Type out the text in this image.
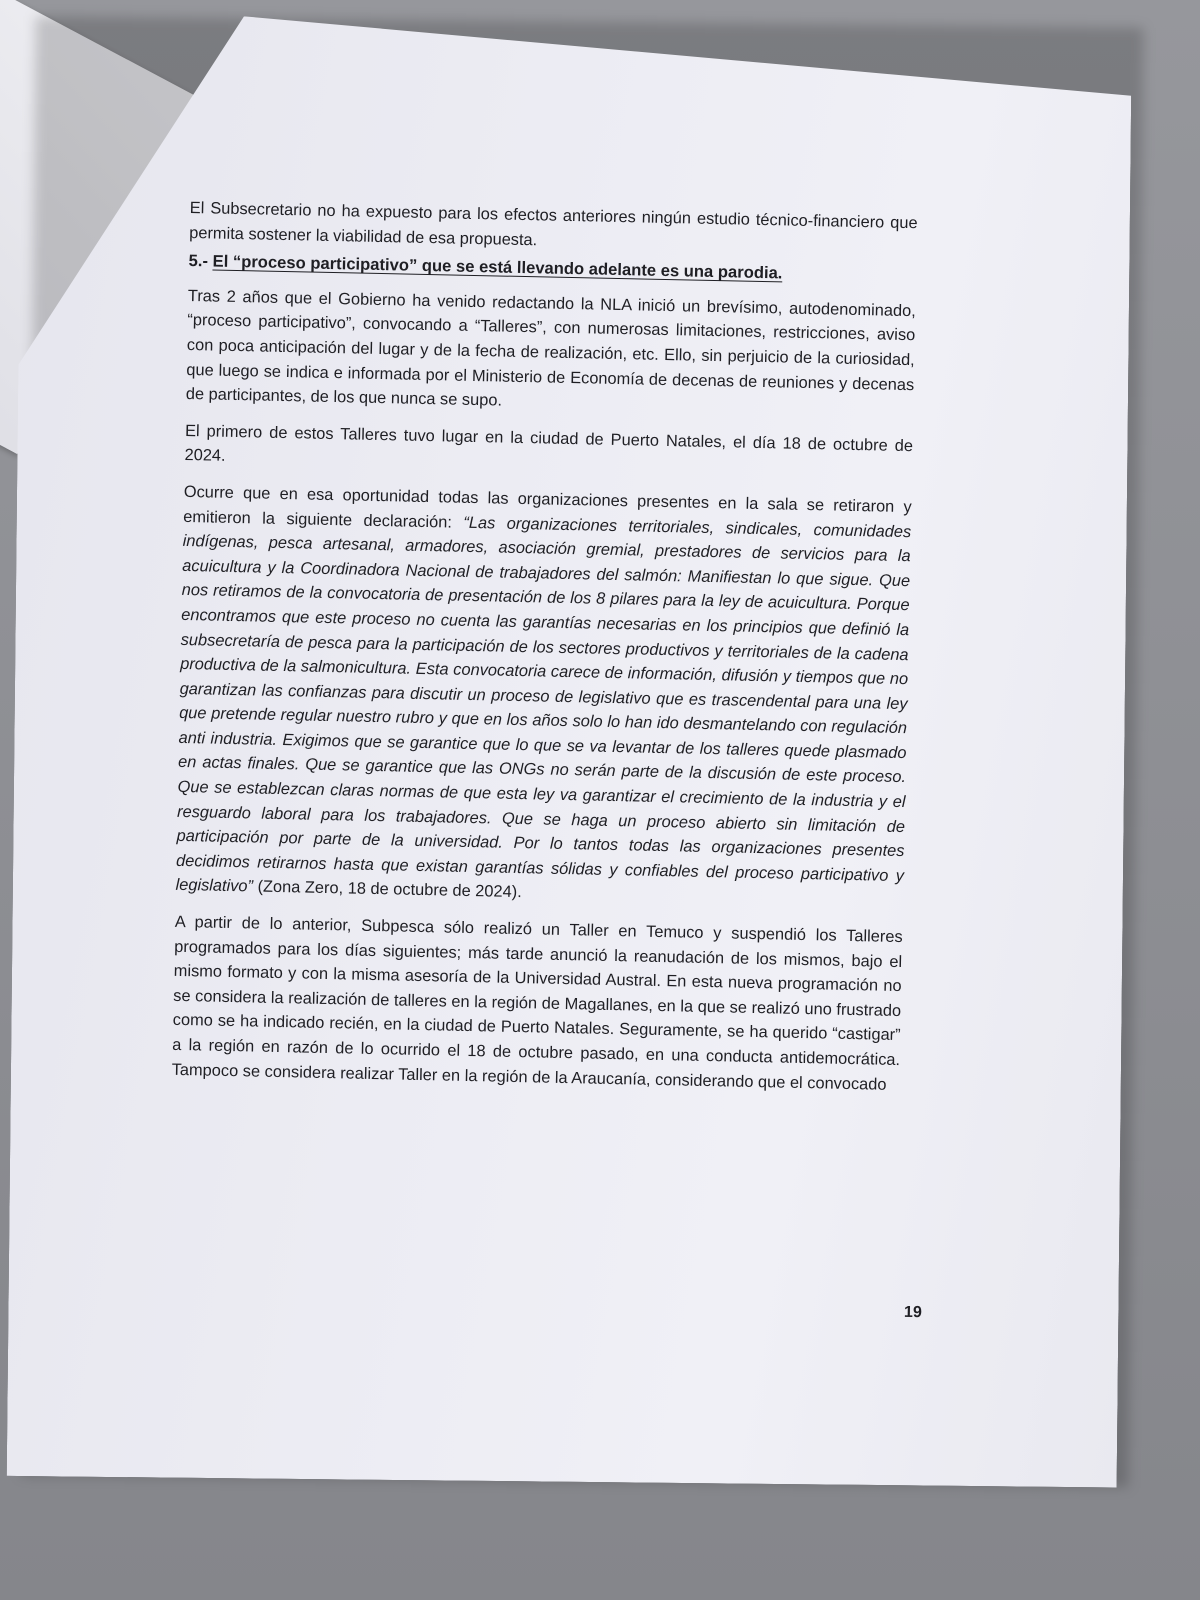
El Subsecretario no ha expuesto para los efectos anteriores ningún estudio técnico-financiero que permita sostener la viabilidad de esa propuesta.

5.- El “proceso participativo” que se está llevando adelante es una parodia.

Tras 2 años que el Gobierno ha venido redactando la NLA inició un brevísimo, autodenominado, “proceso participativo”, convocando a “Talleres”, con numerosas limitaciones, restricciones, aviso con poca anticipación del lugar y de la fecha de realización, etc. Ello, sin perjuicio de la curiosidad, que luego se indica e informada por el Ministerio de Economía de decenas de reuniones y decenas de participantes, de los que nunca se supo.

El primero de estos Talleres tuvo lugar en la ciudad de Puerto Natales, el día 18 de octubre de 2024.

Ocurre que en esa oportunidad todas las organizaciones presentes en la sala se retiraron y emitieron la siguiente declaración: “Las organizaciones territoriales, sindicales, comunidades indígenas, pesca artesanal, armadores, asociación gremial, prestadores de servicios para la acuicultura y la Coordinadora Nacional de trabajadores del salmón: Manifiestan lo que sigue. Que nos retiramos de la convocatoria de presentación de los 8 pilares para la ley de acuicultura. Porque encontramos que este proceso no cuenta las garantías necesarias en los principios que definió la subsecretaría de pesca para la participación de los sectores productivos y territoriales de la cadena productiva de la salmonicultura. Esta convocatoria carece de información, difusión y tiempos que no garantizan las confianzas para discutir un proceso de legislativo que es trascendental para una ley que pretende regular nuestro rubro y que en los años solo lo han ido desmantelando con regulación anti industria. Exigimos que se garantice que lo que se va levantar de los talleres quede plasmado en actas finales. Que se garantice que las ONGs no serán parte de la discusión de este proceso. Que se establezcan claras normas de que esta ley va garantizar el crecimiento de la industria y el resguardo laboral para los trabajadores. Que se haga un proceso abierto sin limitación de participación por parte de la universidad. Por lo tantos todas las organizaciones presentes decidimos retirarnos hasta que existan garantías sólidas y confiables del proceso participativo y legislativo” (Zona Zero, 18 de octubre de 2024).

A partir de lo anterior, Subpesca sólo realizó un Taller en Temuco y suspendió los Talleres programados para los días siguientes; más tarde anunció la reanudación de los mismos, bajo el mismo formato y con la misma asesoría de la Universidad Austral. En esta nueva programación no se considera la realización de talleres en la región de Magallanes, en la que se realizó uno frustrado como se ha indicado recién, en la ciudad de Puerto Natales. Seguramente, se ha querido “castigar” a la región en razón de lo ocurrido el 18 de octubre pasado, en una conducta antidemocrática. Tampoco se considera realizar Taller en la región de la Araucanía, considerando que el convocado

19
